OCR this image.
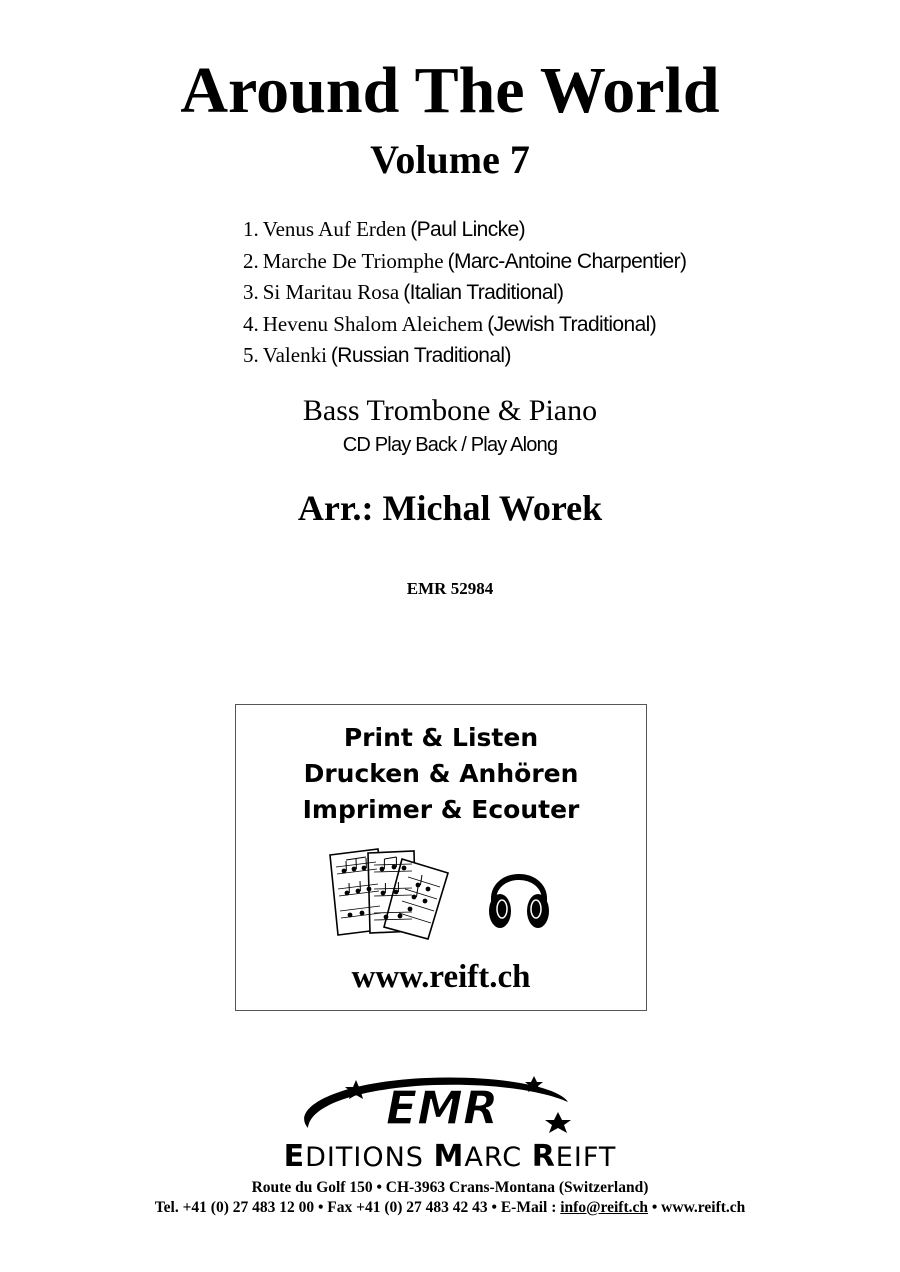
Around The World
Volume 7
1. Venus Auf Erden (Paul Lincke)
2. Marche De Triomphe (Marc-Antoine Charpentier)
3. Si Maritau Rosa (Italian Traditional)
4. Hevenu Shalom Aleichem (Jewish Traditional)
5. Valenki (Russian Traditional)
Bass Trombone & Piano
CD Play Back / Play Along
Arr.: Michal Worek
EMR 52984
Print & Listen
Drucken & Anhören
Imprimer & Ecouter
www.reift.ch
EMR
EDITIONS MARC REIFT
Route du Golf 150 • CH-3963 Crans-Montana (Switzerland)
Tel. +41 (0) 27 483 12 00 • Fax +41 (0) 27 483 42 43 • E-Mail : info@reift.ch • www.reift.ch
